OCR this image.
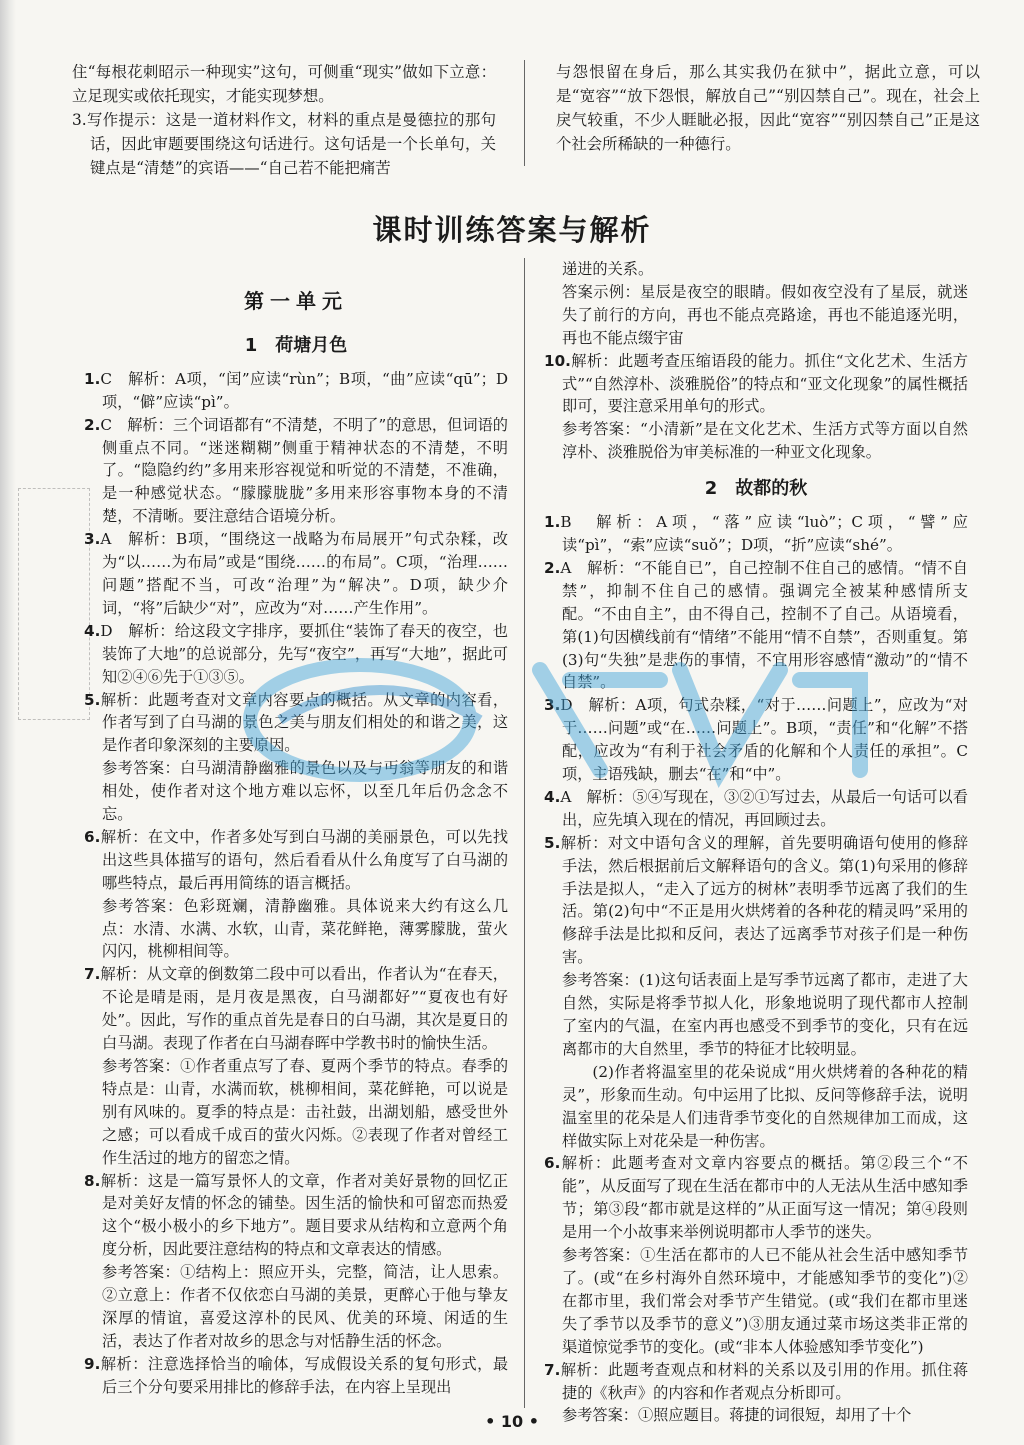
住“每根花刺昭示一种现实”这句，可侧重“现实”做如下立意：立足现实或依托现实，才能实现梦想。

3.写作提示：这是一道材料作文，材料的重点是曼德拉的那句话，因此审题要围绕这句话进行。这句话是一个长单句，关键点是“清楚”的宾语——“自己若不能把痛苦

与怨恨留在身后，那么其实我仍在狱中”，据此立意，可以是“宽容”“放下怨恨，解放自己”“别囚禁自己”。现在，社会上戾气较重，不少人睚眦必报，因此“宽容”“别囚禁自己”正是这个社会所稀缺的一种德行。

课时训练答案与解析
第一单元
1 荷塘月色

1.C　解析：A项，“闰”应读“rùn”；B项，“曲”应读“qū”；D项，“僻”应读“pì”。

2.C　解析：三个词语都有“不清楚，不明了”的意思，但词语的侧重点不同。“迷迷糊糊”侧重于精神状态的不清楚，不明了。“隐隐约约”多用来形容视觉和听觉的不清楚，不准确，是一种感觉状态。“朦朦胧胧”多用来形容事物本身的不清楚，不清晰。要注意结合语境分析。

3.A　解析：B项，“围绕这一战略为布局展开”句式杂糅，改为“以……为布局”或是“围绕……的布局”。C项，“治理……问题”搭配不当，可改“治理”为“解决”。D项，缺少介词，“将”后缺少“对”，应改为“对……产生作用”。

4.D　解析：给这段文字排序，要抓住“装饰了春天的夜空，也装饰了大地”的总说部分，先写“夜空”，再写“大地”，据此可知②④⑥先于①③⑤。

5.解析：此题考查对文章内容要点的概括。从文章的内容看，作者写到了白马湖的景色之美与朋友们相处的和谐之美，这是作者印象深刻的主要原因。

参考答案：白马湖清静幽雅的景色以及与丏翁等朋友的和谐相处，使作者对这个地方难以忘怀，以至几年后仍念念不忘。

6.解析：在文中，作者多处写到白马湖的美丽景色，可以先找出这些具体描写的语句，然后看看从什么角度写了白马湖的哪些特点，最后再用简练的语言概括。

参考答案：色彩斑斓，清静幽雅。具体说来大约有这么几点：水清、水满、水软，山青，菜花鲜艳，薄雾朦胧，萤火闪闪，桃柳相间等。

7.解析：从文章的倒数第二段中可以看出，作者认为“在春天，不论是晴是雨，是月夜是黑夜，白马湖都好”“夏夜也有好处”。因此，写作的重点首先是春日的白马湖，其次是夏日的白马湖。表现了作者在白马湖春晖中学教书时的愉快生活。

参考答案：①作者重点写了春、夏两个季节的特点。春季的特点是：山青，水满而软，桃柳相间，菜花鲜艳，可以说是别有风味的。夏季的特点是：击社鼓，出湖划船，感受世外之感；可以看成千成百的萤火闪烁。②表现了作者对曾经工作生活过的地方的留恋之情。

8.解析：这是一篇写景怀人的文章，作者对美好景物的回忆正是对美好友情的怀念的铺垫。因生活的愉快和可留恋而热爱这个“极小极小的乡下地方”。题目要求从结构和立意两个角度分析，因此要注意结构的特点和文章表达的情感。

参考答案：①结构上：照应开头，完整，简洁，让人思索。②立意上：作者不仅依恋白马湖的美景，更醉心于他与挚友深厚的情谊，喜爱这淳朴的民风、优美的环境、闲适的生活，表达了作者对故乡的思念与对恬静生活的怀念。

9.解析：注意选择恰当的喻体，写成假设关系的复句形式，最后三个分句要采用排比的修辞手法，在内容上呈现出

递进的关系。

答案示例：星辰是夜空的眼睛。假如夜空没有了星辰，就迷失了前行的方向，再也不能点亮路途，再也不能追逐光明，再也不能点缀宇宙

10.解析：此题考查压缩语段的能力。抓住“文化艺术、生活方式”“自然淳朴、淡雅脱俗”的特点和“亚文化现象”的属性概括即可，要注意采用单句的形式。

参考答案：“小清新”是在文化艺术、生活方式等方面以自然淳朴、淡雅脱俗为审美标准的一种亚文化现象。

2 故都的秋

1.B　解析：A项，“落”应读“luò”；C项，“譬”应读“pì”，“索”应读“suǒ”；D项，“折”应读“shé”。

2.A　解析：“不能自已”，自己控制不住自己的感情。“情不自禁”，抑制不住自己的感情。强调完全被某种感情所支配。“不由自主”，由不得自己，控制不了自己。从语境看，第(1)句因横线前有“情绪”不能用“情不自禁”，否则重复。第(3)句“失独”是悲伤的事情，不宜用形容感情“激动”的“情不自禁”。

3.D　解析：A项，句式杂糅，“对于……问题上”，应改为“对于……问题”或“在……问题上”。B项，“责任”和“化解”不搭配，应改为“有利于社会矛盾的化解和个人责任的承担”。C项，主语残缺，删去“在”和“中”。

4.A　解析：⑤④写现在，③②①写过去，从最后一句话可以看出，应先填入现在的情况，再回顾过去。

5.解析：对文中语句含义的理解，首先要明确语句使用的修辞手法，然后根据前后文解释语句的含义。第(1)句采用的修辞手法是拟人，“走入了远方的树林”表明季节远离了我们的生活。第(2)句中“不正是用火烘烤着的各种花的精灵吗”采用的修辞手法是比拟和反问，表达了远离季节对孩子们是一种伤害。

参考答案：(1)这句话表面上是写季节远离了都市，走进了大自然，实际是将季节拟人化，形象地说明了现代都市人控制了室内的气温，在室内再也感受不到季节的变化，只有在远离都市的大自然里，季节的特征才比较明显。

(2)作者将温室里的花朵说成“用火烘烤着的各种花的精灵”，形象而生动。句中运用了比拟、反问等修辞手法，说明温室里的花朵是人们违背季节变化的自然规律加工而成，这样做实际上对花朵是一种伤害。

6.解析：此题考查对文章内容要点的概括。第②段三个“不能”，从反面写了现在生活在都市中的人无法从生活中感知季节；第③段“都市就是这样的”从正面写这一情况；第④段则是用一个小故事来举例说明都市人季节的迷失。

参考答案：①生活在都市的人已不能从社会生活中感知季节了。(或“在乡村海外自然环境中，才能感知季节的变化”)②在都市里，我们常会对季节产生错觉。(或“我们在都市里迷失了季节以及季节的意义”)③朋友通过菜市场这类非正常的渠道惊觉季节的变化。(或“非本人体验感知季节变化”)

7.解析：此题考查观点和材料的关系以及引用的作用。抓住蒋捷的《秋声》的内容和作者观点分析即可。

参考答案：①照应题目。蒋捷的词很短，却用了十个

• 10 •
